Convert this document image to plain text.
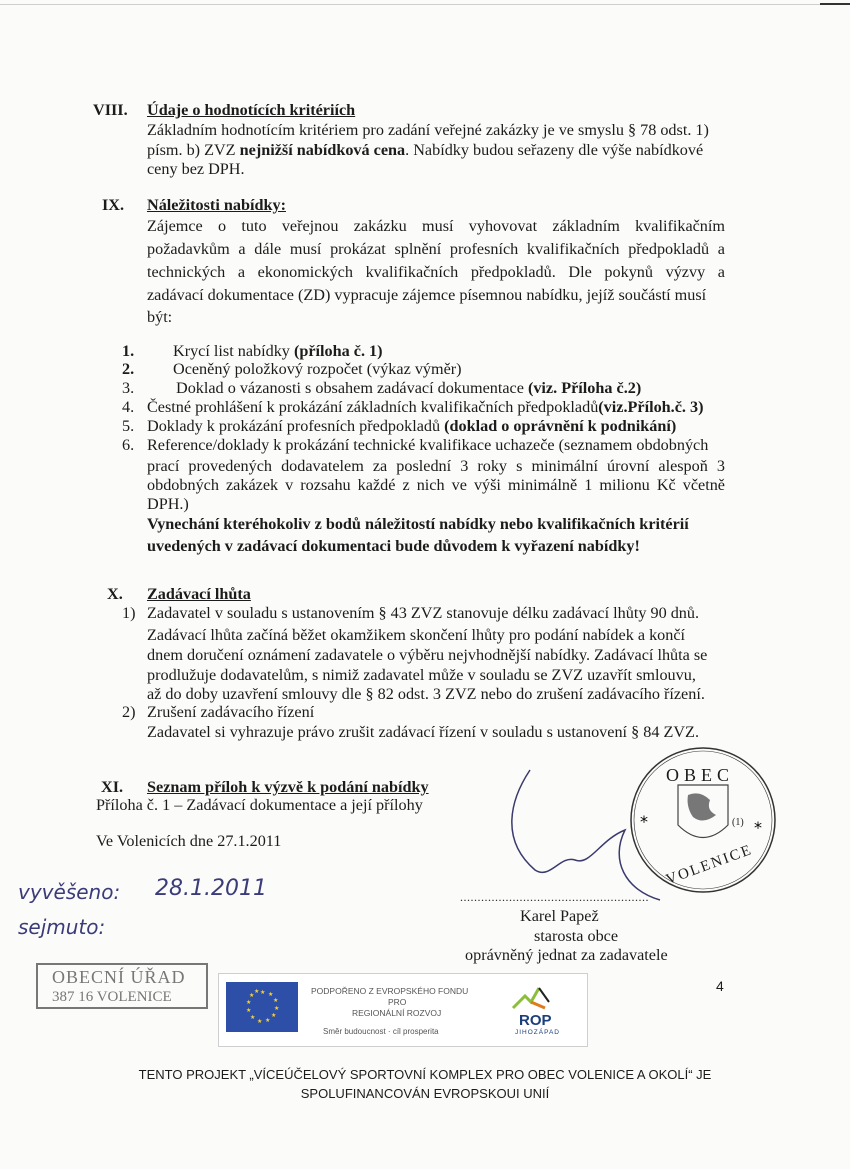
VIII. Údaje o hodnotících kritériích
Základním hodnotícím kritériem pro zadání veřejné zakázky je ve smyslu § 78 odst. 1)
písm. b) ZVZ nejnižší nabídková cena. Nabídky budou seřazeny dle výše nabídkové
ceny bez DPH.
IX. Náležitosti nabídky:
Zájemce o tuto veřejnou zakázku musí vyhovovat základním kvalifikačním
požadavkům a dále musí prokázat splnění profesních kvalifikačních předpokladů a
technických a ekonomických kvalifikačních předpokladů. Dle pokynů výzvy a
zadávací dokumentace (ZD) vypracuje zájemce písemnou nabídku, jejíž součástí musí
být:
1. Krycí list nabídky (příloha č. 1)
2. Oceněný položkový rozpočet (výkaz výměr)
3.	Doklad o vázanosti s obsahem zadávací dokumentace (viz. Příloha č.2)
4. Čestné prohlášení k prokázání základních kvalifikačních předpokladů(viz.Příloh.č. 3)
5. Doklady k prokázání profesních předpokladů (doklad o oprávnění k podnikání)
6. Reference/doklady k prokázání technické kvalifikace uchazeče (seznamem obdobných
prací provedených dodavatelem za poslední 3 roky s minimální úrovní alespoň 3
obdobných zakázek v rozsahu každé z nich ve výši minimálně 1 milionu Kč včetně
DPH.)
Vynechání kteréhokoliv z bodů náležitostí nabídky nebo kvalifikačních kritérií
uvedených v zadávací dokumentaci bude důvodem k vyřazení nabídky!
X. Zadávací lhůta
1) Zadavatel v souladu s ustanovením § 43 ZVZ stanovuje délku zadávací lhůty 90 dnů.
Zadávací lhůta začíná běžet okamžikem skončení lhůty pro podání nabídek a končí
dnem doručení oznámení zadavatele o výběru nejvhodnější nabídky. Zadávací lhůta se
prodlužuje dodavatelům, s nimiž zadavatel může v souladu se ZVZ uzavřít smlouvu,
až do doby uzavření smlouvy dle § 82 odst. 3 ZVZ nebo do zrušení zadávacího řízení.
2) Zrušení zadávacího řízení
Zadavatel si vyhrazuje právo zrušit zadávací řízení v souladu s ustanovení § 84 ZVZ.
XI. Seznam příloh k výzvě k podání nabídky
Příloha č. 1 – Zadávací dokumentace a její přílohy
Ve Volenicích dne 27.1.2011
vyvěšeno: 28.1.2011
sejmuto:
*	*
OBEC
VOLENICE
(1)
......................................................
Karel Papež
starosta obce
oprávněný jednat za zadavatele
OBECNÍ ÚŘAD
387 16 VOLENICE	★ ★
★
★
★
★
★
★
★
★
★
★	PODPOŘENO Z EVROPSKÉHO FONDU
PRO
REGIONÁLNÍ ROZVOJ
Směr budoucnost · cíl prosperita
ROP
JIHOZÁPAD
4
TENTO PROJEKT „VÍCEÚČELOVÝ SPORTOVNÍ KOMPLEX PRO OBEC VOLENICE A OKOLÍ“ JE
SPOLUFINANCOVÁN EVROPSKOUI UNIÍ
